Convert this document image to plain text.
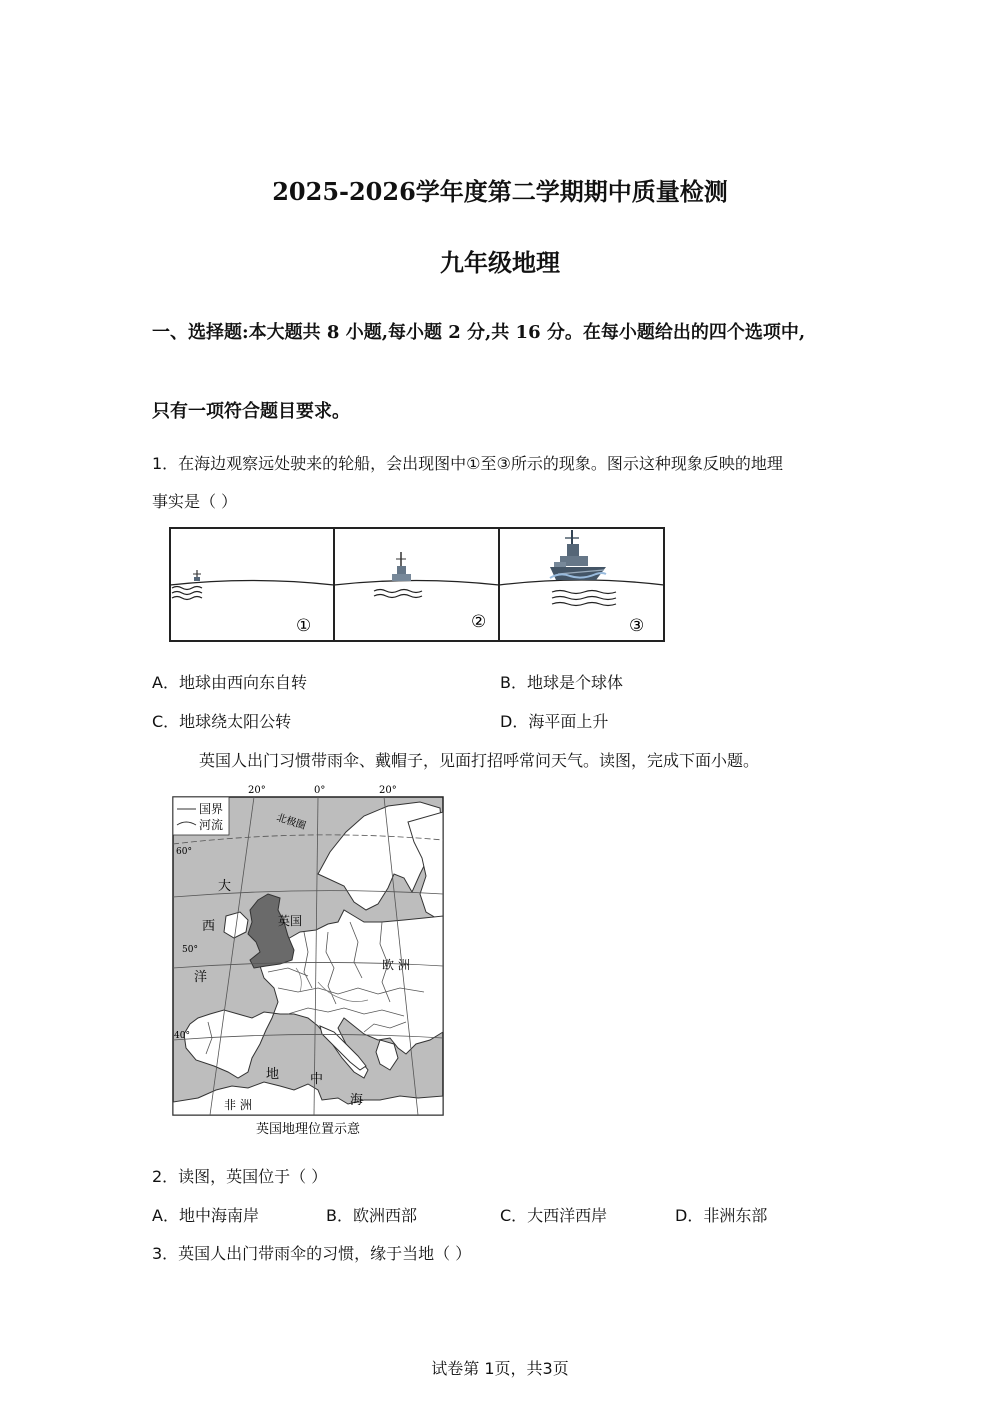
2025-2026学年度第二学期期中质量检测
九年级地理
一、选择题:本大题共 8 小题,每小题 2 分,共 16 分。在每小题给出的四个选项中,
只有一项符合题目要求。
1．在海边观察远处驶来的轮船，会出现图中①至③所示的现象。图示这种现象反映的地理
事实是（ ）
①	②	③
A．地球由西向东自转	B．地球是个球体
C．地球绕太阳公转	D．海平面上升
英国人出门习惯带雨伞、戴帽子，见面打招呼常问天气。读图，完成下面小题。
20°	0°	20°
60°
50°
40°
北极圈
国界
河流
大
西
洋
英国
欧 洲
地 中
海
非 洲
英国地理位置示意
2．读图，英国位于（ ）
A．地中海南岸	B．欧洲西部	C．大西洋西岸	D．非洲东部
3．英国人出门带雨伞的习惯，缘于当地（ ）
试卷第 1页，共3页
